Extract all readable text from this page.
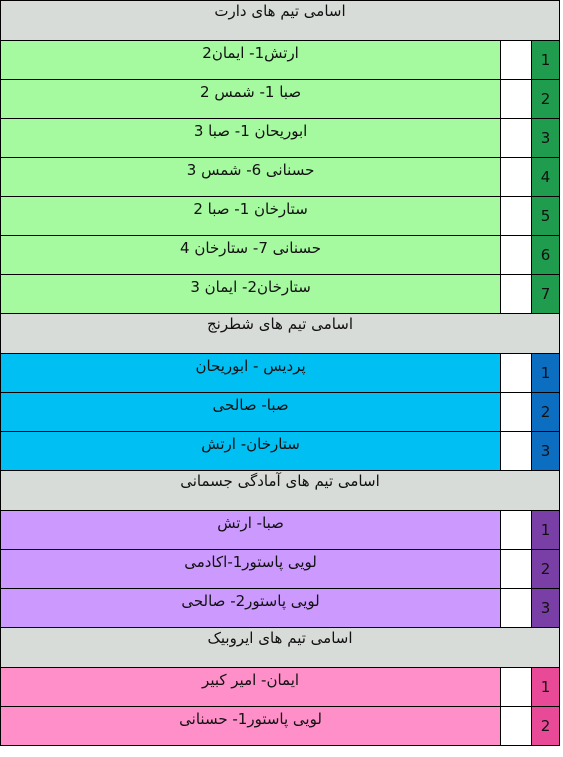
اسامی تیم های دارت
ارتش1- ایمان2	1
صبا 1- شمس 2	2
ابوریحان 1- صبا 3	3
حسنانی 6- شمس 3	4
ستارخان 1- صبا 2	5
حسنانی 7- ستارخان 4	6
ستارخان2- ایمان 3	7
اسامی تیم های شطرنج
پردیس - ابوریحان	1
صبا- صالحی	2
ستارخان- ارتش	3
اسامی تیم های آمادگی جسمانی
صبا- ارتش	1
لویی پاستور1-اکادمی	2
لویی پاستور2- صالحی	3
اسامی تیم های ایروبیک
ایمان- امیر کبیر	1
لویی پاستور1- حسنانی	2
